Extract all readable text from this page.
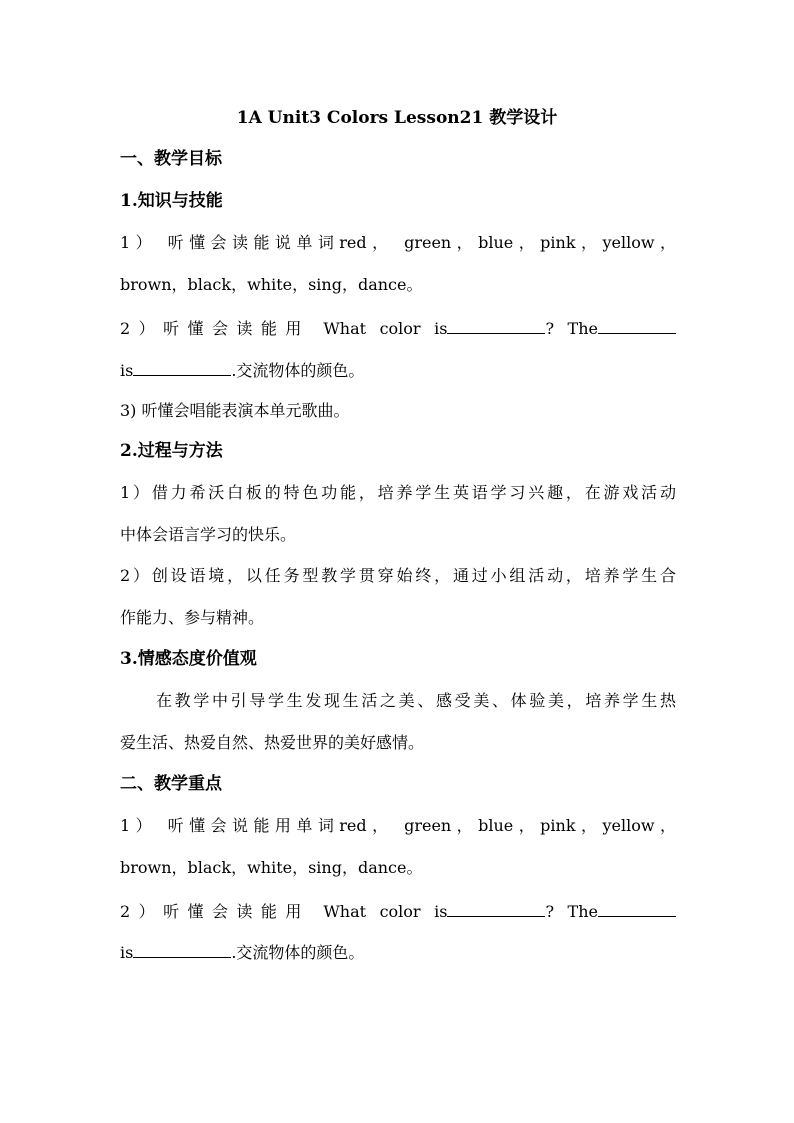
1A Unit3 Colors Lesson21 教学设计
一、教学目标
1.知识与技能
1） 听懂会读能说单词red， green，blue，pink，yellow，
brown，black，white，sing，dance。
2）听懂会读能用 What color is	? The
is	.交流物体的颜色。
3) 听懂会唱能表演本单元歌曲。
2.过程与方法
1）借力希沃白板的特色功能，培养学生英语学习兴趣，在游戏活动
中体会语言学习的快乐。
2）创设语境，以任务型教学贯穿始终，通过小组活动，培养学生合
作能力、参与精神。
3.情感态度价值观
在教学中引导学生发现生活之美、感受美、体验美，培养学生热
爱生活、热爱自然、热爱世界的美好感情。
二、教学重点
1） 听懂会说能用单词red， green，blue，pink，yellow，
brown，black，white，sing，dance。
2）听懂会读能用 What color is	? The
is	.交流物体的颜色。
